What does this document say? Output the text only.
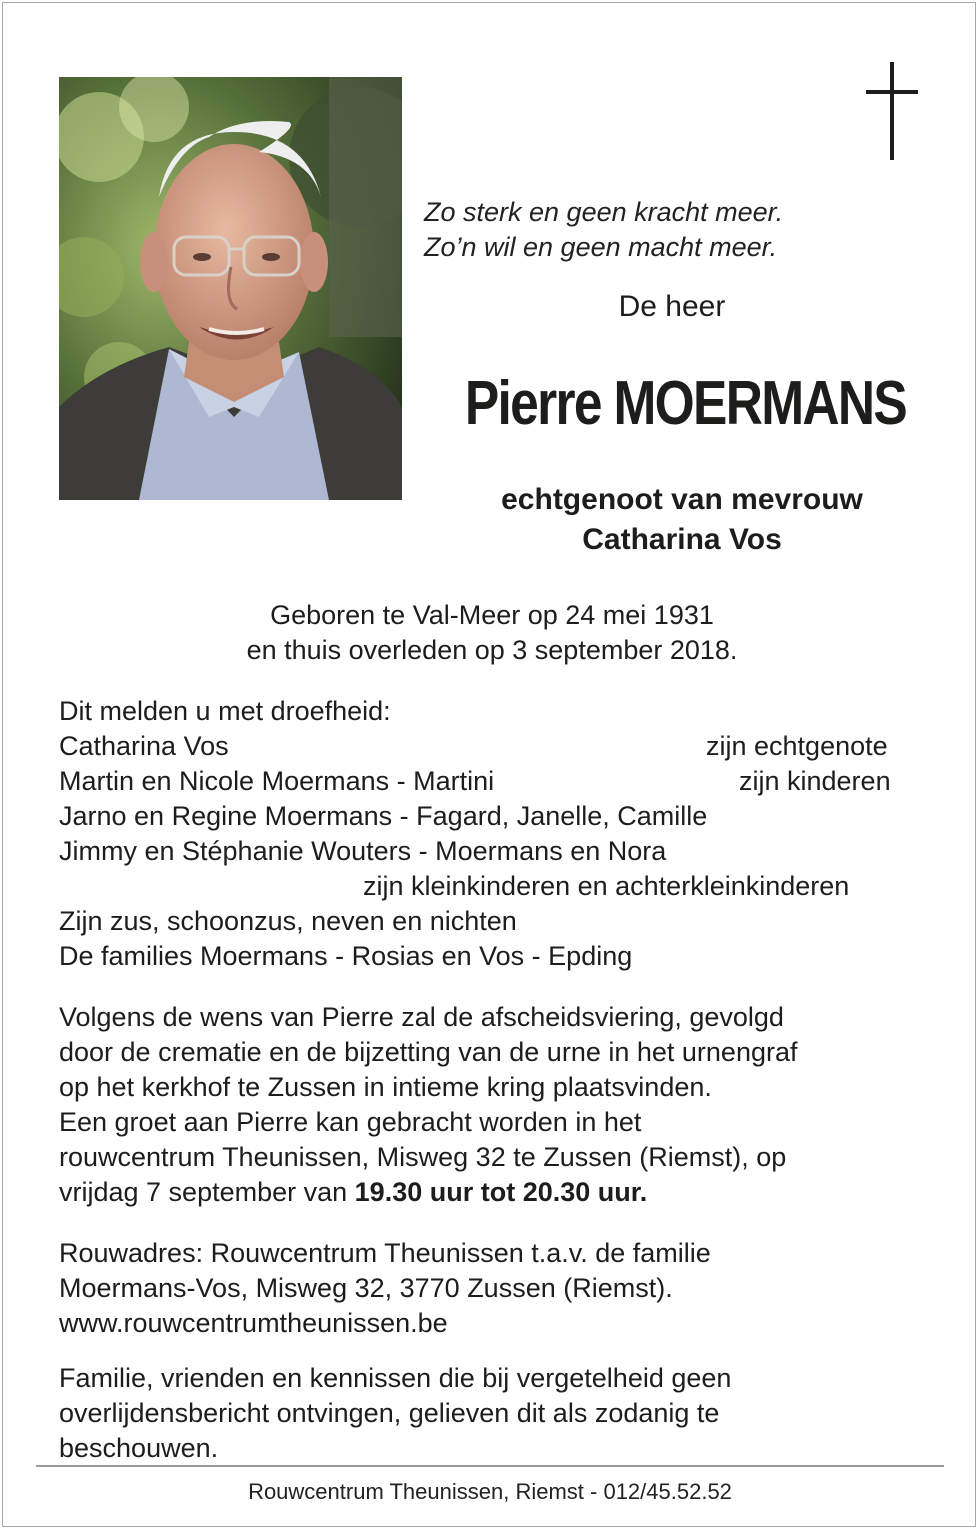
Zo sterk en geen kracht meer.
Zo’n wil en geen macht meer.
De heer
Pierre MOERMANS
echtgenoot van mevrouw
Catharina Vos
Geboren te Val-Meer op 24 mei 1931
en thuis overleden op 3 september 2018.
Dit melden u met droefheid:
Catharina Vos	zijn echtgenote
Martin en Nicole Moermans - Martini	zijn kinderen
Jarno en Regine Moermans - Fagard, Janelle, Camille
Jimmy en Stéphanie Wouters - Moermans en Nora
zijn kleinkinderen en achterkleinkinderen
Zijn zus, schoonzus, neven en nichten
De families Moermans - Rosias en Vos - Epding
Volgens de wens van Pierre zal de afscheidsviering, gevolgd
door de crematie en de bijzetting van de urne in het urnengraf
op het kerkhof te Zussen in intieme kring plaatsvinden.
Een groet aan Pierre kan gebracht worden in het
rouwcentrum Theunissen, Misweg 32 te Zussen (Riemst), op
vrijdag 7 september van 19.30 uur tot 20.30 uur.
Rouwadres: Rouwcentrum Theunissen t.a.v. de familie
Moermans-Vos, Misweg 32, 3770 Zussen (Riemst).
www.rouwcentrumtheunissen.be
Familie, vrienden en kennissen die bij vergetelheid geen
overlijdensbericht ontvingen, gelieven dit als zodanig te
beschouwen.
Rouwcentrum Theunissen, Riemst - 012/45.52.52
